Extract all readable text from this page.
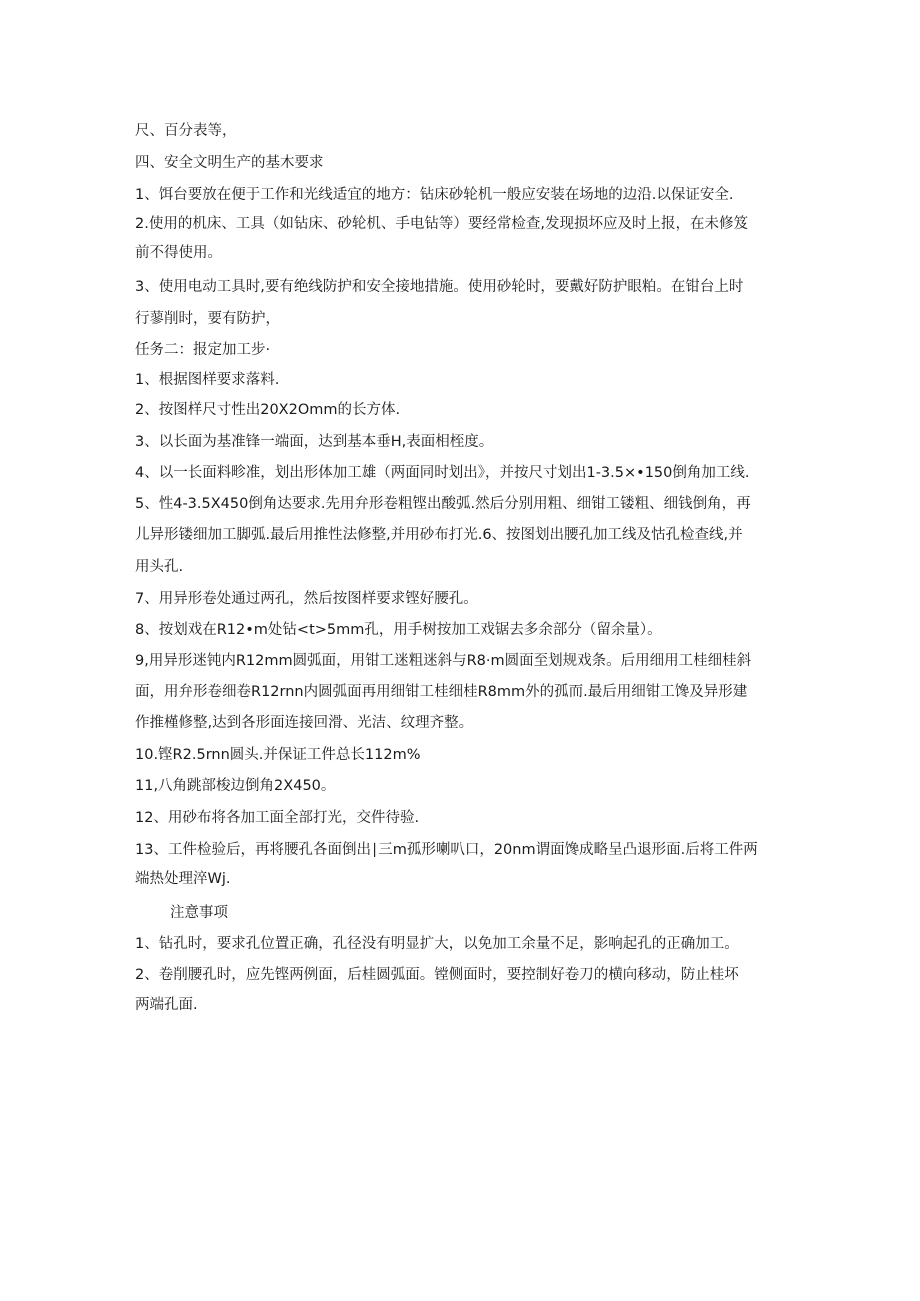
尺、百分表等，
四、安全文明生产的基木要求
1、饵台要放在便于工作和光线适宜的地方：钻床砂轮机一般应安装在场地的边沿.以保证安全.
2.使用的机床、工具（如钻床、砂轮机、手电钻等）要经常检查,发现损坏应及时上报，在未修笈
前不得使用。
3、使用电动工具时,要有绝线防护和安全接地措施。使用砂轮时，要戴好防护眼粕。在钳台上时
行蓼削时，要有防护，
任务二：报定加工步·
1、根据图样要求落料.
2、按图样尺寸性出20X2Omm的长方体.
3、以长面为基准锋一端面，达到基本垂H,表面相桎度。
4、以一长面料畛准，划出形体加工雄（两面同时划出》，并按尺寸划出1-3.5×•150倒角加工线.
5、性4-3.5X450倒角达要求.先用弁形卷粗铿出酸弧.然后分别用粗、细钳工镂粗、细钱倒角，再
儿异形镂细加工脚弧.最后用推性法修整,并用砂布打光.6、按图划出腰孔加工线及怙孔检查线,并
用头孔.
7、用异形卷处通过两孔，然后按图样要求铿好腰孔。
8、按划戏在R12•m处钻<t>5mm孔，用手树按加工戏锯去多余部分（留余量）。
9,用异形迷钝内R12mm圆弧面，用钳工迷粗迷斜与R8·m圆面至划规戏条。后用细用工桂细桂斜
面，用弁形卷细卷R12rnn内圆弧面再用细钳工桂细桂R8mm外的孤而.最后用细钳工馋及异形建
作推槿修整,达到各形面连接回滑、光洁、纹理齐整。
10.铿R2.5rnn圆头.并保证工件总长112m%
11,八角跳部梭边倒角2X450。
12、用砂布将各加工面全部打光，交件待验.
13、工件检验后，再将腰孔各面倒出∣三m孤形喇叭口，20nm谓面馋成略呈凸退形面.后将工件两
端热处理淬Wj.
注意事项
1、钻孔时，要求孔位置正确，孔径没有明显扩大，以免加工余量不足，影响起孔的正确加工。
2、卷削腰孔时，应先铿两例面，后桂圆弧面。镗侧面时，要控制好卷刀的横向移动，防止桂坏
两端孔面.
